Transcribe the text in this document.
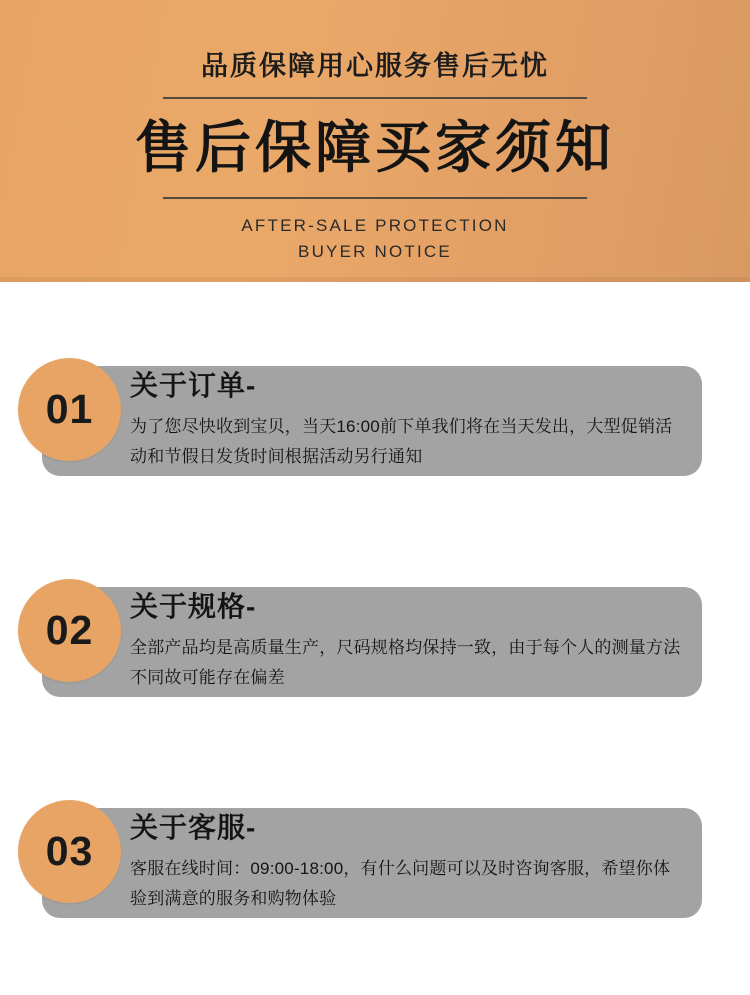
品质保障用心服务售后无忧
售后保障买家须知
AFTER-SALE PROTECTION
BUYER NOTICE
01
关于订单-
为了您尽快收到宝贝，当天16:00前下单我们将在当天发出，大型促销活动和节假日发货时间根据活动另行通知
02
关于规格-
全部产品均是高质量生产，尺码规格均保持一致，由于每个人的测量方法不同故可能存在偏差
03
关于客服-
客服在线时间：09:00-18:00，有什么问题可以及时咨询客服，希望你体验到满意的服务和购物体验
